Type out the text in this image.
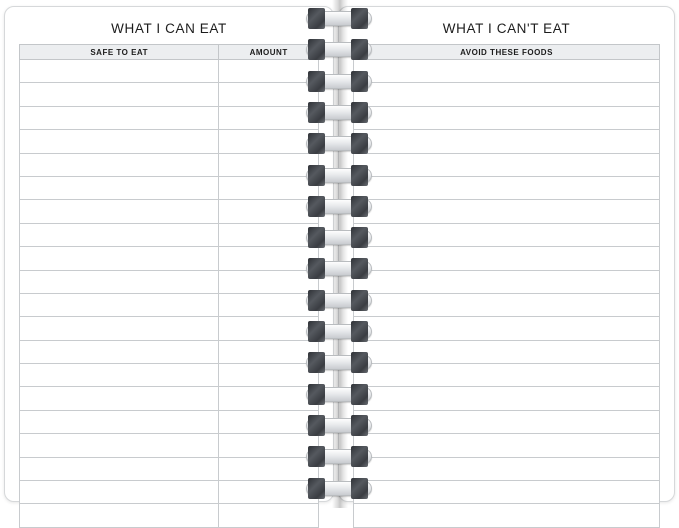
WHAT I CAN EAT
SAFE TO EAT	AMOUNT

WHAT I CAN'T EAT
AVOID THESE FOODS
